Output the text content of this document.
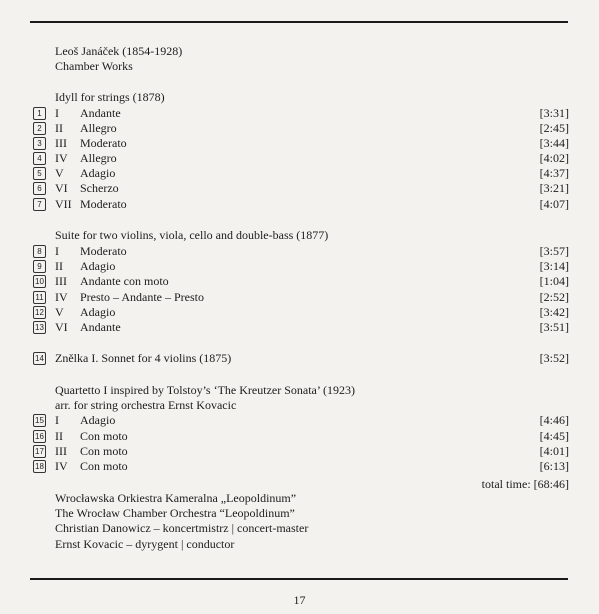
Leoš Janáček (1854-1928)
Chamber Works
Idyll for strings (1878)
1	I Andante	[3:31]
2	II Allegro	[2:45]
3	III Moderato	[3:44]
4	IV Allegro	[4:02]
5	V Adagio	[4:37]
6	VI Scherzo	[3:21]
7	VII Moderato	[4:07]
Suite for two violins, viola, cello and double-bass (1877)
8	I Moderato	[3:57]
9	II Adagio	[3:14]
10 III Andante con moto	[1:04]
11 IV Presto – Andante – Presto	[2:52]
12 V Adagio	[3:42]
13 VI Andante	[3:51]
14 Znělka I. Sonnet for 4 violins (1875)	[3:52]
Quartetto I inspired by Tolstoy’s ‘The Kreutzer Sonata’ (1923)
arr. for string orchestra Ernst Kovacic
15 I Adagio	[4:46]
16 II Con moto	[4:45]
17 III Con moto	[4:01]
18 IV Con moto	[6:13]
total time: [68:46]
Wrocławska Orkiestra Kameralna „Leopoldinum”
The Wrocław Chamber Orchestra “Leopoldinum”
Christian Danowicz – koncertmistrz | concert-master
Ernst Kovacic – dyrygent | conductor
17
